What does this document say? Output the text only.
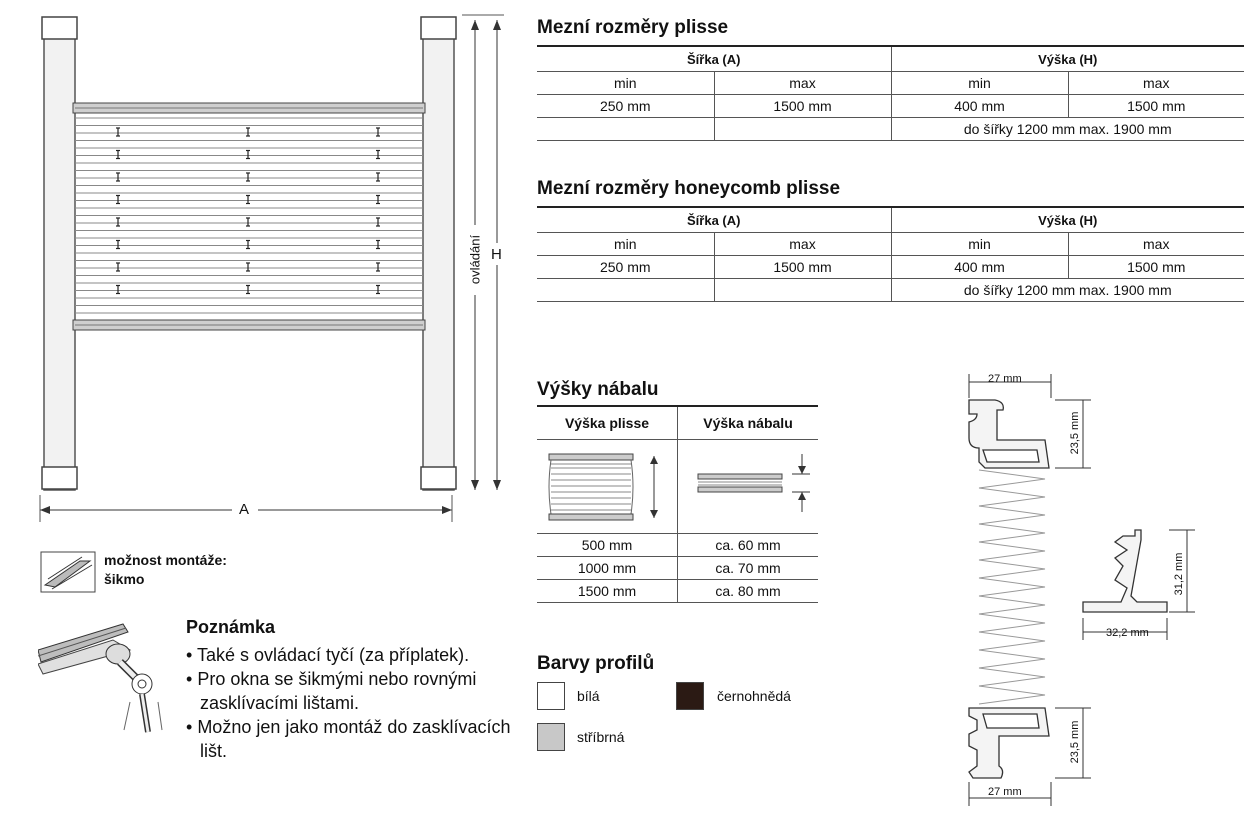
A
H
ovládání
možnost montáže:
šikmo
Poznámka
• Také s ovládací tyčí (za příplatek).
• Pro okna se šikmými nebo rovnými zasklívacími lištami.
• Možno jen jako montáž do zasklívacích lišt.
Mezní rozměry plisse
Šířka (A)		Výška (H)	
min	max	min	max
250 mm	1500 mm	400 mm	1500 mm
		do šířky 1200 mm max. 1900 mm	
Mezní rozměry honeycomb plisse
Šířka (A)		Výška (H)	
min	max	min	max
250 mm	1500 mm	400 mm	1500 mm
		do šířky 1200 mm max. 1900 mm	
Výšky nábalu
Výška plisse	Výška nábalu

500 mm	ca. 60 mm
1000 mm	ca. 70 mm
1500 mm	ca. 80 mm
Barvy profilů
bílá	černohnědá
stříbrná
27 mm
23,5 mm
31,2 mm
32,2 mm
23,5 mm
27 mm
